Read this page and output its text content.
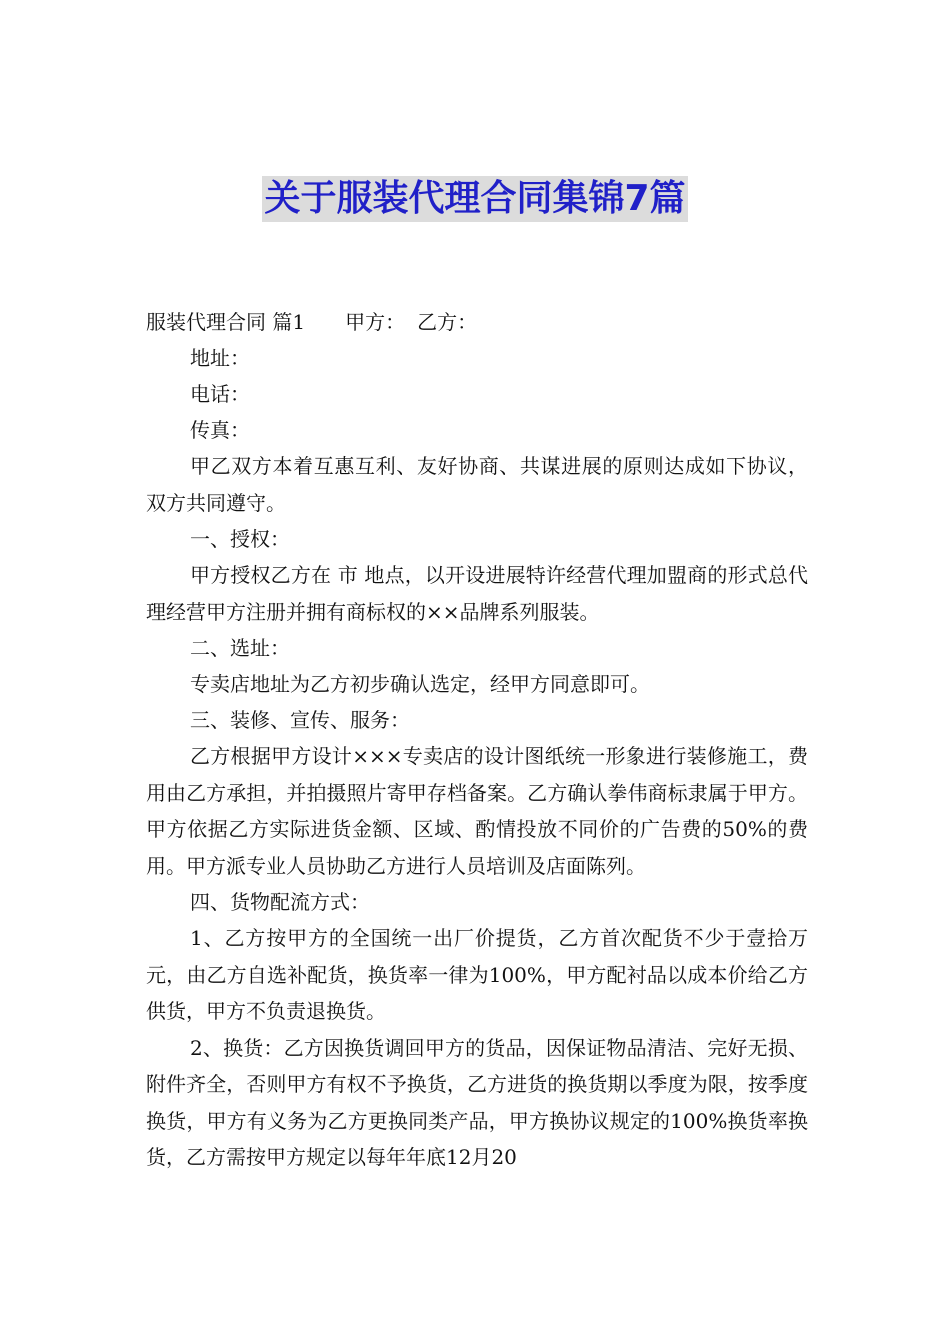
关于服装代理合同集锦7篇

服装代理合同 篇1 甲方： 乙方：

地址：

电话：

传真：

甲乙双方本着互惠互利、友好协商、共谋进展的原则达成如下协议，双方共同遵守。

一、授权：

甲方授权乙方在 市 地点，以开设进展特许经营代理加盟商的形式总代理经营甲方注册并拥有商标权的××品牌系列服装。

二、选址：

专卖店地址为乙方初步确认选定，经甲方同意即可。

三、装修、宣传、服务：

乙方根据甲方设计×××专卖店的设计图纸统一形象进行装修施工，费用由乙方承担，并拍摄照片寄甲存档备案。乙方确认拳伟商标隶属于甲方。甲方依据乙方实际进货金额、区域、酌情投放不同价的广告费的50%的费用。甲方派专业人员协助乙方进行人员培训及店面陈列。

四、货物配流方式：

1、乙方按甲方的全国统一出厂价提货，乙方首次配货不少于壹拾万元，由乙方自选补配货，换货率一律为100%，甲方配衬品以成本价给乙方供货，甲方不负责退换货。

2、换货：乙方因换货调回甲方的货品，因保证物品清洁、完好无损、附件齐全，否则甲方有权不予换货，乙方进货的换货期以季度为限，按季度换货，甲方有义务为乙方更换同类产品，甲方换协议规定的100%换货率换货，乙方需按甲方规定以每年年底12月20
